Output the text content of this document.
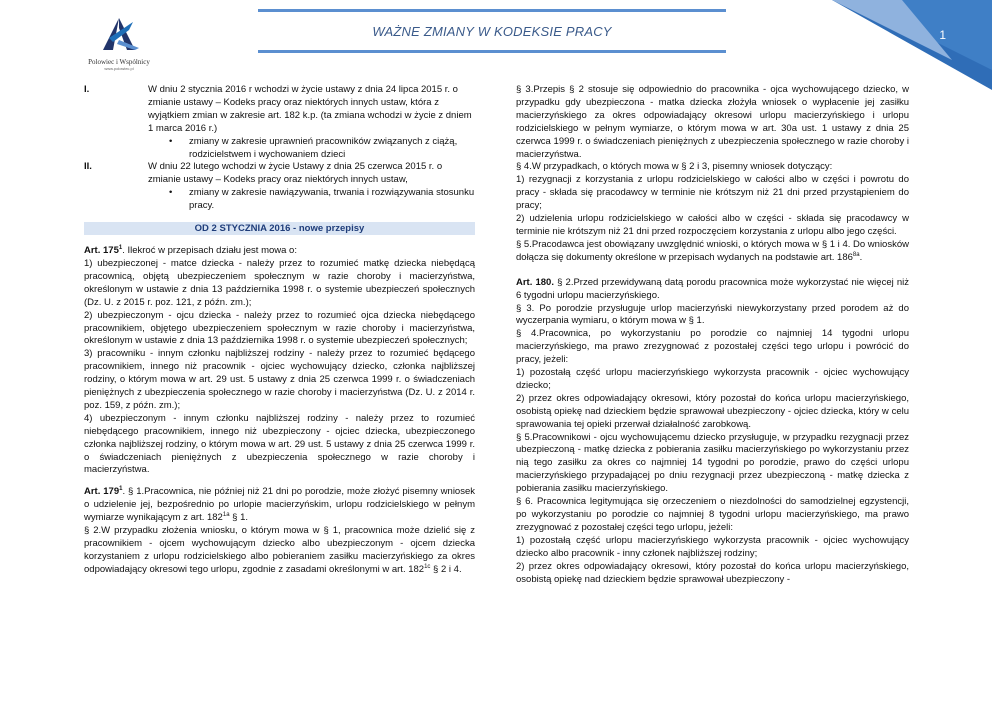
Polowiec i Wspólnicy
www.polowiec.pl
WAŻNE ZMIANY W KODEKSIE PRACY	1
I.	W dniu 2 stycznia 2016 r wchodzi w życie ustawy z dnia 24 lipca 2015 r. o zmianie ustawy – Kodeks pracy oraz niektórych innych ustaw, która z wyjątkiem zmian w zakresie art. 182 k.p. (ta zmiana wchodzi w życie z dniem 1 marca 2016 r.)
•	zmiany w zakresie uprawnień pracowników związanych z ciążą, rodzicielstwem i wychowaniem dzieci
II.	W dniu 22 lutego wchodzi w życie Ustawy z dnia 25 czerwca 2015 r. o zmianie ustawy – Kodeks pracy oraz niektórych innych ustaw,
•	zmiany w zakresie nawiązywania, trwania i rozwiązywania stosunku pracy.
OD 2 STYCZNIA 2016 - nowe przepisy

Art. $175^1$. Ilekroć w przepisach działu jest mowa o:

1) ubezpieczonej - matce dziecka - należy przez to rozumieć matkę dziecka niebędącą pracownicą, objętą ubezpieczeniem społecznym w razie choroby i macierzyństwa, określonym w ustawie z dnia 13 października 1998 r. o systemie ubezpieczeń społecznych (Dz. U. z 2015 r. poz. 121, z późn. zm.);

2) ubezpieczonym - ojcu dziecka - należy przez to rozumieć ojca dziecka niebędącego pracownikiem, objętego ubezpieczeniem społecznym w razie choroby i macierzyństwa, określonym w ustawie z dnia 13 października 1998 r. o systemie ubezpieczeń społecznych;

3) pracowniku - innym członku najbliższej rodziny - należy przez to rozumieć będącego pracownikiem, innego niż pracownik - ojciec wychowujący dziecko, członka najbliższej rodziny, o którym mowa w art. 29 ust. 5 ustawy z dnia 25 czerwca 1999 r. o świadczeniach pieniężnych z ubezpieczenia społecznego w razie choroby i macierzyństwa (Dz. U. z 2014 r. poz. 159, z późn. zm.);

4) ubezpieczonym - innym członku najbliższej rodziny - należy przez to rozumieć niebędącego pracownikiem, innego niż ubezpieczony - ojciec dziecka, ubezpieczonego członka najbliższej rodziny, o którym mowa w art. 29 ust. 5 ustawy z dnia 25 czerwca 1999 r. o świadczeniach pieniężnych z ubezpieczenia społecznego w razie choroby i macierzyństwa.

Art. $179^1$. § 1.Pracownica, nie później niż 21 dni po porodzie, może złożyć pisemny wniosek o udzielenie jej, bezpośrednio po urlopie macierzyńskim, urlopu rodzicielskiego w pełnym wymiarze wynikającym z art. $182^{1a}$ § 1.

§ 2.W przypadku złożenia wniosku, o którym mowa w § 1, pracownica może dzielić się z pracownikiem - ojcem wychowującym dziecko albo ubezpieczonym - ojcem dziecka korzystaniem z urlopu rodzicielskiego albo pobieraniem zasiłku macierzyńskiego za okres odpowiadający okresowi tego urlopu, zgodnie z zasadami określonymi w art. $182^{1c}$ § 2 i 4.

§ 3.Przepis § 2 stosuje się odpowiednio do pracownika - ojca wychowującego dziecko, w przypadku gdy ubezpieczona - matka dziecka złożyła wniosek o wypłacenie jej zasiłku macierzyńskiego za okres odpowiadający okresowi urlopu macierzyńskiego i urlopu rodzicielskiego w pełnym wymiarze, o którym mowa w art. 30a ust. 1 ustawy z dnia 25 czerwca 1999 r. o świadczeniach pieniężnych z ubezpieczenia społecznego w razie choroby i macierzyństwa.

§ 4.W przypadkach, o których mowa w § 2 i 3, pisemny wniosek dotyczący:

1) rezygnacji z korzystania z urlopu rodzicielskiego w całości albo w części i powrotu do pracy - składa się pracodawcy w terminie nie krótszym niż 21 dni przed przystąpieniem do pracy;

2) udzielenia urlopu rodzicielskiego w całości albo w części - składa się pracodawcy w terminie nie krótszym niż 21 dni przed rozpoczęciem korzystania z urlopu albo jego części.

§ 5.Pracodawca jest obowiązany uwzględnić wnioski, o których mowa w § 1 i 4. Do wniosków dołącza się dokumenty określone w przepisach wydanych na podstawie art. $186^{8a}$.

Art. 180. § 2.Przed przewidywaną datą porodu pracownica może wykorzystać nie więcej niż 6 tygodni urlopu macierzyńskiego.

§ 3. Po porodzie przysługuje urlop macierzyński niewykorzystany przed porodem aż do wyczerpania wymiaru, o którym mowa w § 1.

§ 4.Pracownica, po wykorzystaniu po porodzie co najmniej 14 tygodni urlopu macierzyńskiego, ma prawo zrezygnować z pozostałej części tego urlopu i powrócić do pracy, jeżeli:

1) pozostałą część urlopu macierzyńskiego wykorzysta pracownik - ojciec wychowujący dziecko;

2) przez okres odpowiadający okresowi, który pozostał do końca urlopu macierzyńskiego, osobistą opiekę nad dzieckiem będzie sprawował ubezpieczony - ojciec dziecka, który w celu sprawowania tej opieki przerwał działalność zarobkową.

§ 5.Pracownikowi - ojcu wychowującemu dziecko przysługuje, w przypadku rezygnacji przez ubezpieczoną - matkę dziecka z pobierania zasiłku macierzyńskiego po wykorzystaniu przez nią tego zasiłku za okres co najmniej 14 tygodni po porodzie, prawo do części urlopu macierzyńskiego przypadającej po dniu rezygnacji przez ubezpieczoną - matkę dziecka z pobierania zasiłku macierzyńskiego.

§ 6. Pracownica legitymująca się orzeczeniem o niezdolności do samodzielnej egzystencji, po wykorzystaniu po porodzie co najmniej 8 tygodni urlopu macierzyńskiego, ma prawo zrezygnować z pozostałej części tego urlopu, jeżeli:

1) pozostałą część urlopu macierzyńskiego wykorzysta pracownik - ojciec wychowujący dziecko albo pracownik - inny członek najbliższej rodziny;

2) przez okres odpowiadający okresowi, który pozostał do końca urlopu macierzyńskiego, osobistą opiekę nad dzieckiem będzie sprawował ubezpieczony -
